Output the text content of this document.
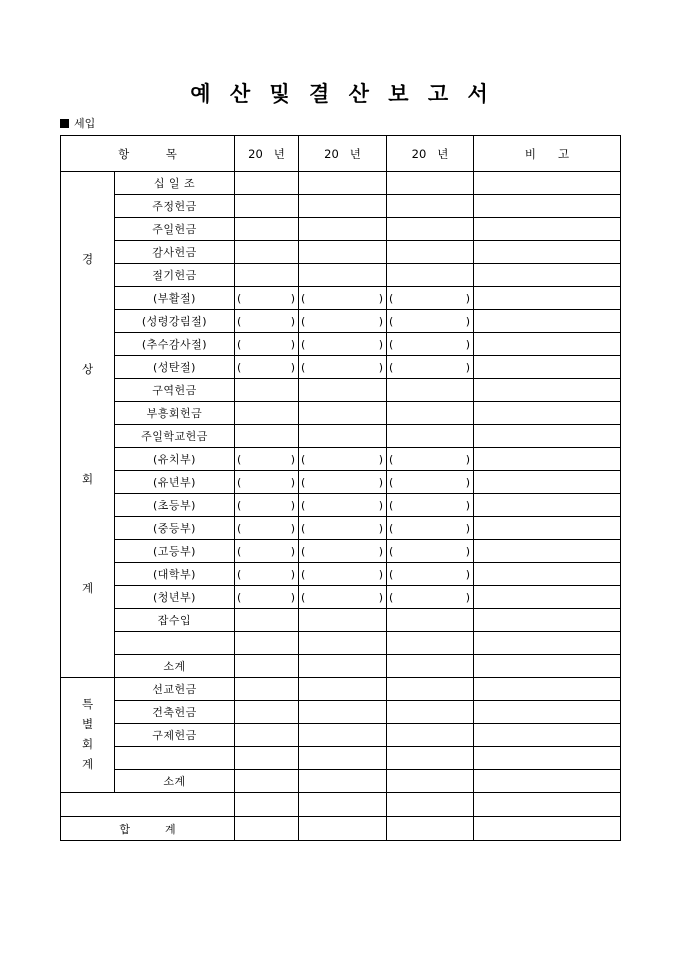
예 산 및 결 산 보 고 서
세입
항          목		20   년	20   년	20   년	비      고

경
상
회
계	십 일 조				
	주정헌금				
	주일헌금				
	감사헌금				
	절기헌금				
	(부활절)	( )	( )	( )	

	(성령강림절)	( )	( )	( )	

	(추수감사절)	( )	( )	( )	

	(성탄절)	( )	( )	( )	

	구역헌금				
	부흥회헌금				
	주일학교헌금				
	(유치부)	( )	( )	( )	

	(유년부)	( )	( )	( )	

	(초등부)	( )	( )	( )	

	(중등부)	( )	( )	( )	

	(고등부)	( )	( )	( )	

	(대학부)	( )	( )	( )	

	(청년부)	( )	( )	( )	

	잡수입				

	소계				

특
별
회
계	선교헌금				
	건축헌금				
	구제헌금				

	소계				

합          계					
